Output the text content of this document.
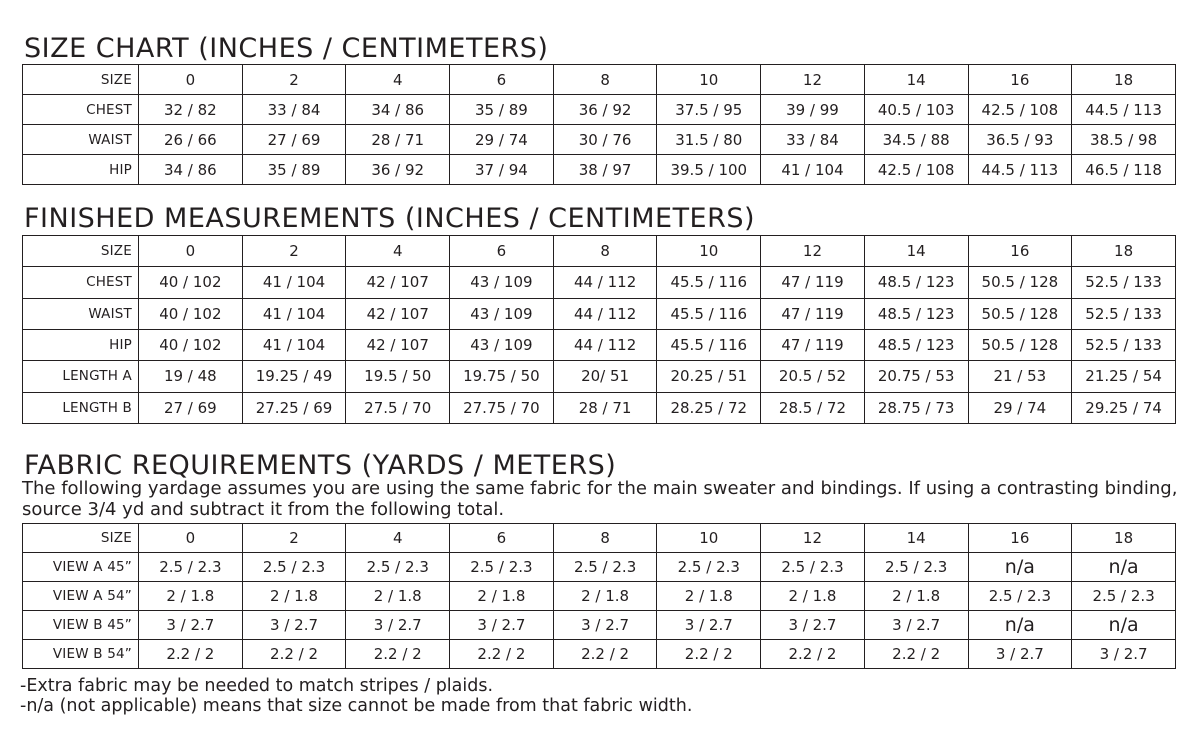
SIZE CHART (INCHES / CENTIMETERS)
SIZE	0	2	4	6	8	10	12	14	16	18
CHEST	32 / 82	33 / 84	34 / 86	35 / 89	36 / 92	37.5 / 95	39 / 99	40.5 / 103	42.5 / 108	44.5 / 113
WAIST	26 / 66	27 / 69	28 / 71	29 / 74	30 / 76	31.5 / 80	33 / 84	34.5 / 88	36.5 / 93	38.5 / 98
HIP	34 / 86	35 / 89	36 / 92	37 / 94	38 / 97	39.5 / 100	41 / 104	42.5 / 108	44.5 / 113	46.5 / 118
FINISHED MEASUREMENTS (INCHES / CENTIMETERS)
SIZE	0	2	4	6	8	10	12	14	16	18
CHEST	40 / 102	41 / 104	42 / 107	43 / 109	44 / 112	45.5 / 116	47 / 119	48.5 / 123	50.5 / 128	52.5 / 133
WAIST	40 / 102	41 / 104	42 / 107	43 / 109	44 / 112	45.5 / 116	47 / 119	48.5 / 123	50.5 / 128	52.5 / 133
HIP	40 / 102	41 / 104	42 / 107	43 / 109	44 / 112	45.5 / 116	47 / 119	48.5 / 123	50.5 / 128	52.5 / 133
LENGTH A	19 / 48	19.25 / 49	19.5 / 50	19.75 / 50	20/ 51	20.25 / 51	20.5 / 52	20.75 / 53	21 / 53	21.25 / 54
LENGTH B	27 / 69	27.25 / 69	27.5 / 70	27.75 / 70	28 / 71	28.25 / 72	28.5 / 72	28.75 / 73	29 / 74	29.25 / 74
FABRIC REQUIREMENTS (YARDS / METERS)

The following yardage assumes you are using the same fabric for the main sweater and bindings. If using a contrasting binding, source 3/4 yd and subtract it from the following total.

SIZE	0	2	4	6	8	10	12	14	16	18
VIEW A 45”	2.5 / 2.3	2.5 / 2.3	2.5 / 2.3	2.5 / 2.3	2.5 / 2.3	2.5 / 2.3	2.5 / 2.3	2.5 / 2.3	n/a	n/a
VIEW A 54”	2 / 1.8	2 / 1.8	2 / 1.8	2 / 1.8	2 / 1.8	2 / 1.8	2 / 1.8	2 / 1.8	2.5 / 2.3	2.5 / 2.3
VIEW B 45”	3 / 2.7	3 / 2.7	3 / 2.7	3 / 2.7	3 / 2.7	3 / 2.7	3 / 2.7	3 / 2.7	n/a	n/a
VIEW B 54”	2.2 / 2	2.2 / 2	2.2 / 2	2.2 / 2	2.2 / 2	2.2 / 2	2.2 / 2	2.2 / 2	3 / 2.7	3 / 2.7
-Extra fabric may be needed to match stripes / plaids.
-n/a (not applicable) means that size cannot be made from that fabric width.
